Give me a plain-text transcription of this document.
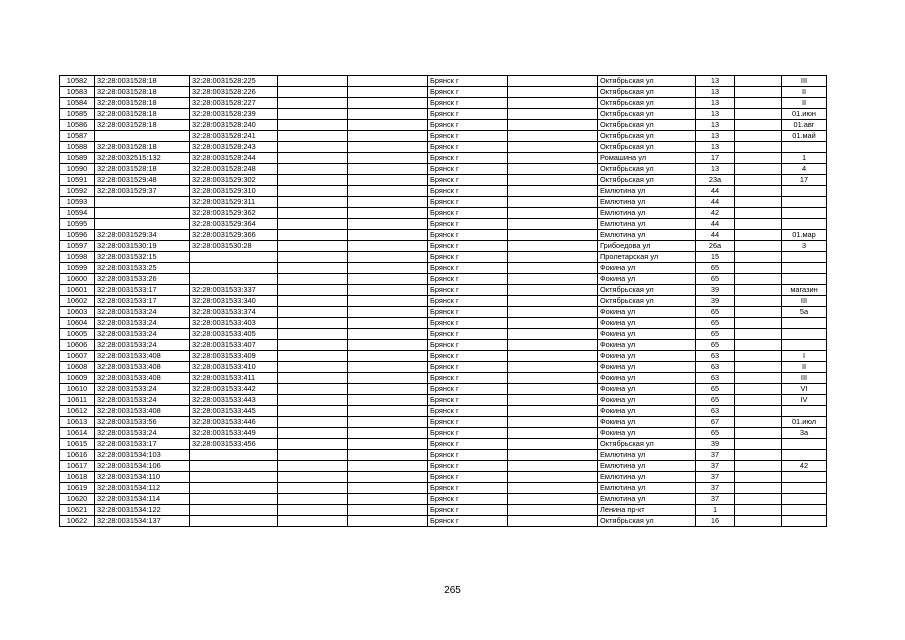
10582	32:28:0031528:18	32:28:0031528:225			Брянск г		Октябрьская ул	13		III
10583	32:28:0031528:18	32:28:0031528:226			Брянск г		Октябрьская ул	13		II
10584	32:28:0031528:18	32:28:0031528:227			Брянск г		Октябрьская ул	13		II
10585	32:28:0031528:18	32:28:0031528:239			Брянск г		Октябрьская ул	13		01.июн
10586	32:28:0031528:18	32:28:0031528:240			Брянск г		Октябрьская ул	13		01.авг
10587		32:28:0031528:241			Брянск г		Октябрьская ул	13		01.май
10588	32:28:0031528:18	32:28:0031528:243			Брянск г		Октябрьская ул	13		
10589	32:28:0032515:132	32:28:0031528:244			Брянск г		Ромашина ул	17		1
10590	32:28:0031528:18	32:28:0031528:248			Брянск г		Октябрьская ул	13		4
10591	32:28:0031529:48	32:28:0031529:302			Брянск г		Октябрьская ул	23а		17
10592	32:28:0031529:37	32:28:0031529:310			Брянск г		Емлютина ул	44		
10593		32:28:0031529:311			Брянск г		Емлютина ул	44		
10594		32:28:0031529:362			Брянск г		Емлютина ул	42		
10595		32:28:0031529:364			Брянск г		Емлютина ул	44		
10596	32:28:0031529:34	32:28:0031529:366			Брянск г		Емлютина ул	44		01.мар
10597	32:28:0031530:19	32:28:0031530:28			Брянск г		Грибоедова ул	26а		3
10598	32:28:0031532:15				Брянск г		Пролетарская ул	15		
10599	32:28:0031533:25				Брянск г		Фокина ул	65		
10600	32:28:0031533:26				Брянск г		Фокина ул	65		
10601	32:28:0031533:17	32:28:0031533:337			Брянск г		Октябрьская ул	39		магазин
10602	32:28:0031533:17	32:28:0031533:340			Брянск г		Октябрьская ул	39		III
10603	32:28:0031533:24	32:28:0031533:374			Брянск г		Фокина ул	65		5а
10604	32:28:0031533:24	32:28:0031533:403			Брянск г		Фокина ул	65		
10605	32:28:0031533:24	32:28:0031533:405			Брянск г		Фокина ул	65		
10606	32:28:0031533:24	32:28:0031533:407			Брянск г		Фокина ул	65		
10607	32:28:0031533:408	32:28:0031533:409			Брянск г		Фокина ул	63		I
10608	32:28:0031533:408	32:28:0031533:410			Брянск г		Фокина ул	63		II
10609	32:28:0031533:408	32:28:0031533:411			Брянск г		Фокина ул	63		III
10610	32:28:0031533:24	32:28:0031533:442			Брянск г		Фокина ул	65		VI
10611	32:28:0031533:24	32:28:0031533:443			Брянск г		Фокина ул	65		IV
10612	32:28:0031533:408	32:28:0031533:445			Брянск г		Фокина ул	63		
10613	32:28:0031533:56	32:28:0031533:446			Брянск г		Фокина ул	67		01.июл
10614	32:28:0031533:24	32:28:0031533:449			Брянск г		Фокина ул	65		3а
10615	32:28:0031533:17	32:28:0031533:456			Брянск г		Октябрьская ул	39		
10616	32:28:0031534:103				Брянск г		Емлютина ул	37		
10617	32:28:0031534:106				Брянск г		Емлютина ул	37		42
10618	32:28:0031534:110				Брянск г		Емлютина ул	37		
10619	32:28:0031534:112				Брянск г		Емлютина ул	37		
10620	32:28:0031534:114				Брянск г		Емлютина ул	37		
10621	32:28:0031534:122				Брянск г		Ленина пр-кт	1		
10622	32:28:0031534:137				Брянск г		Октябрьская ул	16		
265
